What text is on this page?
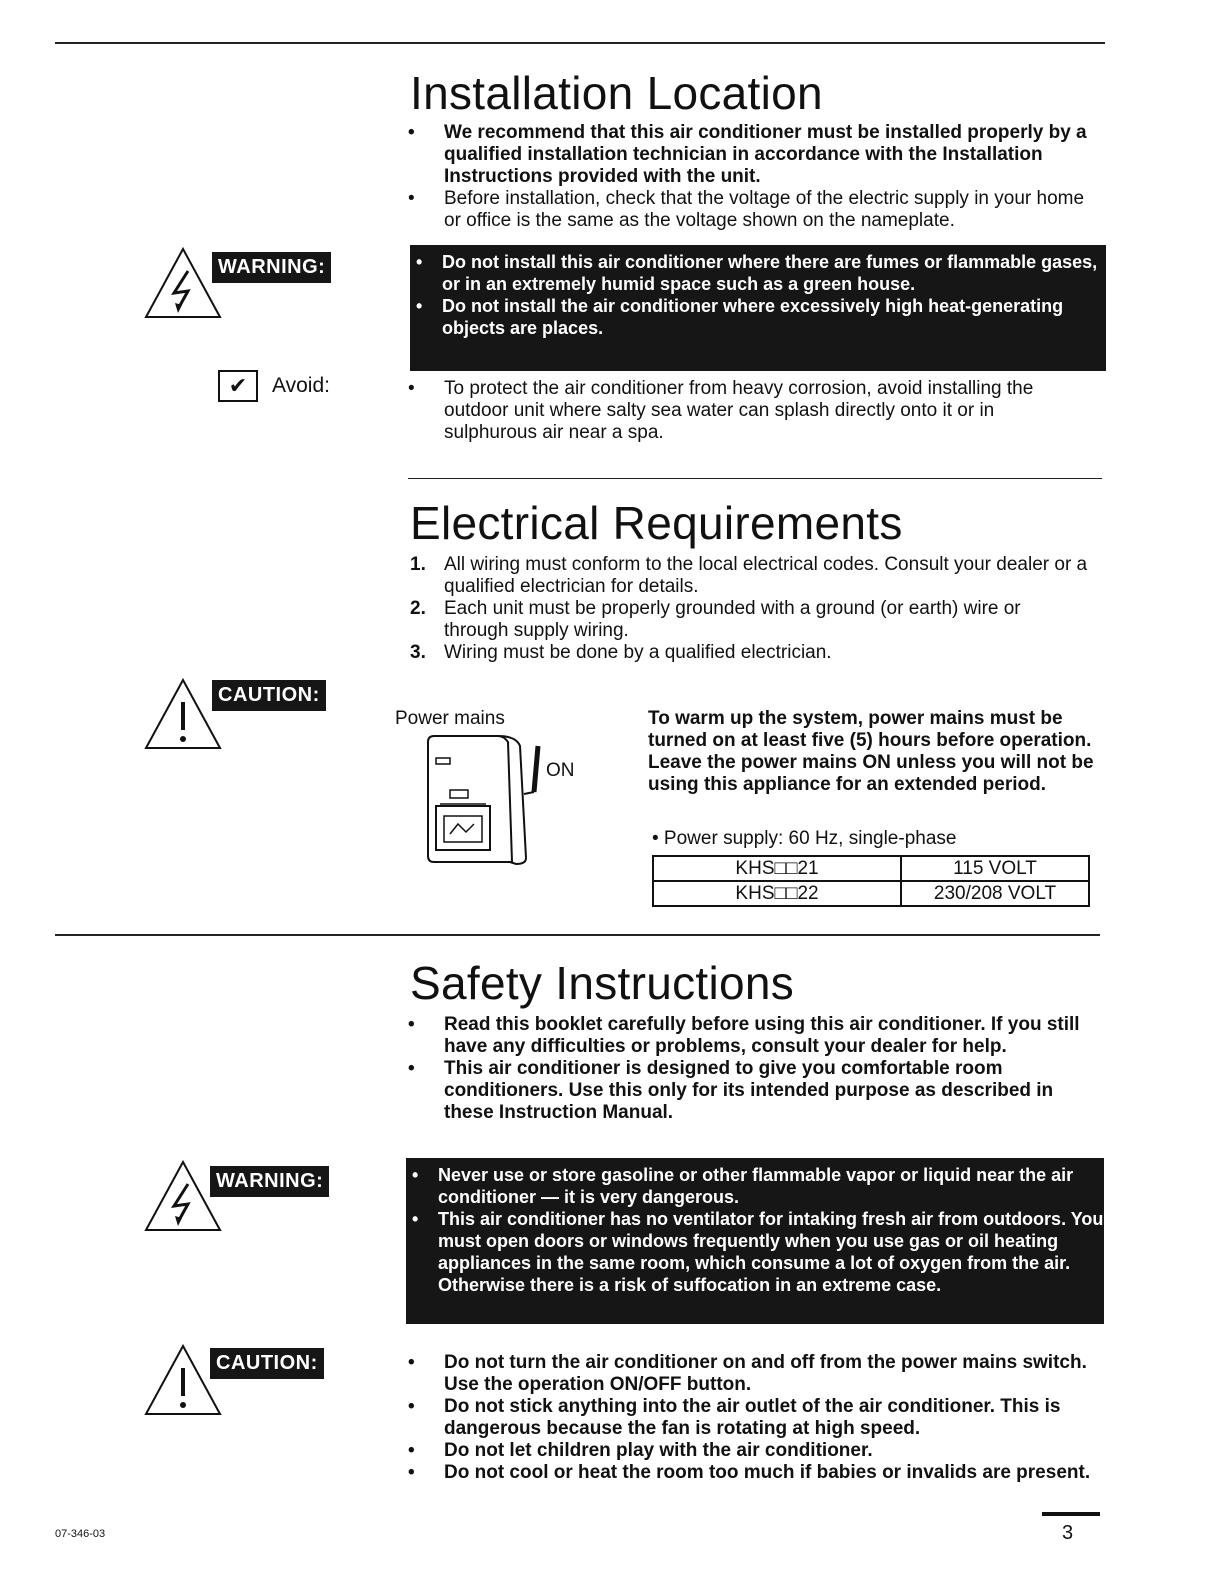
Installation Location
•	We recommend that this air conditioner must be installed properly by a qualified installation technician in accordance with the Installation Instructions provided with the unit.
•	Before installation, check that the voltage of the electric supply in your home or office is the same as the voltage shown on the nameplate.
WARNING:	• Do not install this air conditioner where there are fumes or flammable gases, or in an extremely humid space such as a green house.
• Do not install the air conditioner where excessively high heat-generating objects are places.
✔	Avoid:	•	To protect the air conditioner from heavy corrosion, avoid installing the outdoor unit where salty sea water can splash directly onto it or in sulphurous air near a spa.
Electrical Requirements
1. All wiring must conform to the local electrical codes. Consult your dealer or a qualified electrician for details.
2. Each unit must be properly grounded with a ground (or earth) wire or through supply wiring.
3. Wiring must be done by a qualified electrician.
CAUTION:
Power mains
ON
To warm up the system, power mains must be turned on at least five (5) hours before operation. Leave the power mains ON unless you will not be using this appliance for an extended period.
• Power supply: 60 Hz, single-phase
KHS□□21	115 VOLT
KHS□□22	230/208 VOLT
Safety Instructions
•	Read this booklet carefully before using this air conditioner. If you still have any difficulties or problems, consult your dealer for help.
•	This air conditioner is designed to give you comfortable room conditioners. Use this only for its intended purpose as described in these Instruction Manual.
WARNING:	• Never use or store gasoline or other flammable vapor or liquid near the air conditioner — it is very dangerous.
• This air conditioner has no ventilator for intaking fresh air from outdoors. You must open doors or windows frequently when you use gas or oil heating appliances in the same room, which consume a lot of oxygen from the air. Otherwise there is a risk of suffocation in an extreme case.
CAUTION:	•	Do not turn the air conditioner on and off from the power mains switch. Use the operation ON/OFF button.
•	Do not stick anything into the air outlet of the air conditioner. This is dangerous because the fan is rotating at high speed.
•	Do not let children play with the air conditioner.
•	Do not cool or heat the room too much if babies or invalids are present.
07-346-03	3
